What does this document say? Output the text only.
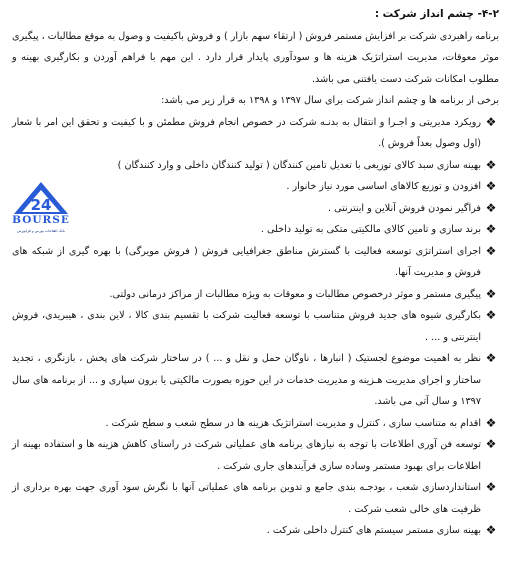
۴-۲- چشم انداز شرکت :

برنامه راهبردی شرکت بر افزایش مستمر فروش ( ارتقاء سهم بازار ) و فروش باکیفیت و وصول به موقع مطالبات ، پیگیری موثر معوقات، مدیریت استراتژیک هزینه ها و سودآوری پایدار قرار دارد . این مهم با فراهم آوردن و بکارگیری بهینه و مطلوب امکانات شرکت دست یافتنی می باشد.

برخی از برنامه ها و چشم انداز شرکت برای سال ۱۳۹۷ و ۱۳۹۸ به قرار زیر می باشد:

❖
رویکرد مدیریتی و اجـرا و انتقال به بدنـه شرکت در خصوص انجام فروش مطمئن و با کیفیت و تحقق این امر با شعار (اول وصول بعداً فروش ).
❖
بهینه سازی سبد کالای توزیعی با تعدیل تامین کنندگان ( تولید کنندگان داخلی و وارد کنندگان )
❖
افزودن و توزیع کالاهای اساسی مورد نیاز خانوار .
❖
فراگیر نمودن فروش آنلاین و اینترنتی .
❖
برند سازی و تامین کالای مالکیتی متکی به تولید داخلی .
❖
اجرای استراتژی توسعه فعالیت با گسترش مناطق جغرافیایی فروش ( فروش مویرگی) با بهره گیری از شبکه های فروش و مدیریت آنها.
❖
پیگیری مستمر و موثر درخصوص مطالبات و معوقات به ویژه مطالبات از مراکز درمانی دولتی.
❖
بکارگیری شیوه های جدید فروش متناسب با توسعه فعالیت شرکت با تقسیم بندی کالا ، لاین بندی ، هیبریدی، فروش اینترنتی و ... .
❖
نظر به اهمیت موضوع لجستیک ( انبارها ، ناوگان حمل و نقل و ... ) در ساختار شرکت های پخش ، بازنگری ، تجدید ساختار و اجرای مدیریت هـزینه و مدیریت خدمات در این حوزه بصورت مالکیتی یا برون سپاری و ... از برنامه های سال ۱۳۹۷ و سال آتی می باشد.
❖
اقدام به متناسب سازی ، کنترل و مدیریت استراتژیک هزینه ها در سطح شعب و سطح شرکت .
❖
توسعه فن آوری اطلاعات با توجه به نیازهای برنامه های عملیاتی شرکت در راستای کاهش هزینه ها و استفاده بهینه از اطلاعات برای بهبود مستمر وساده سازی فرآیندهای جاری شرکت .
❖
استانداردسازی شعب ، بودجـه بندی جامع و تدوین برنامه های عملیاتی آنها با نگرش سود آوری جهت بهره برداری از ظرفیت های خالی شعب شرکت .
❖
بهینه سازی مستمر سیستم های کنترل داخلی شرکت .
24
BOURSE
بانک اطلاعات بورس و فرابورس
